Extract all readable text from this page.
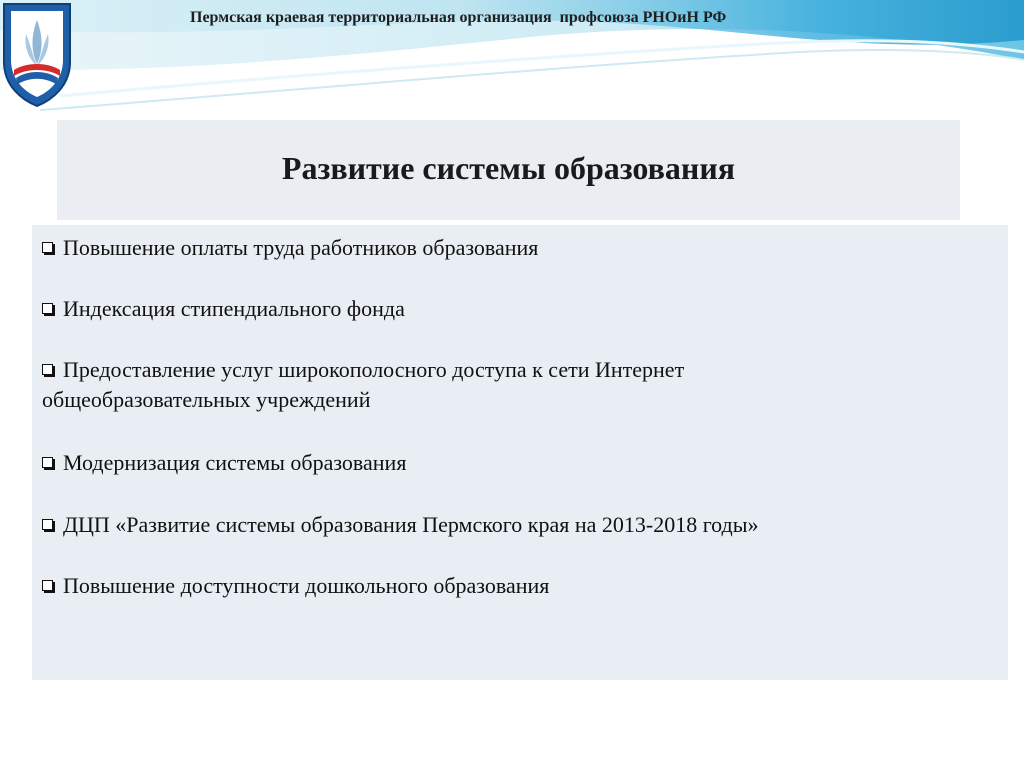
Пермская краевая территориальная организация  профсоюза РНОиН РФ
Развитие системы образования
Повышение оплаты труда работников образования
Индексация стипендиального фонда
Предоставление услуг широкополосного доступа к сети Интернет
общеобразовательных учреждений
Модернизация системы образования
ДЦП «Развитие системы образования Пермского края на 2013-2018 годы»
Повышение доступности дошкольного образования
